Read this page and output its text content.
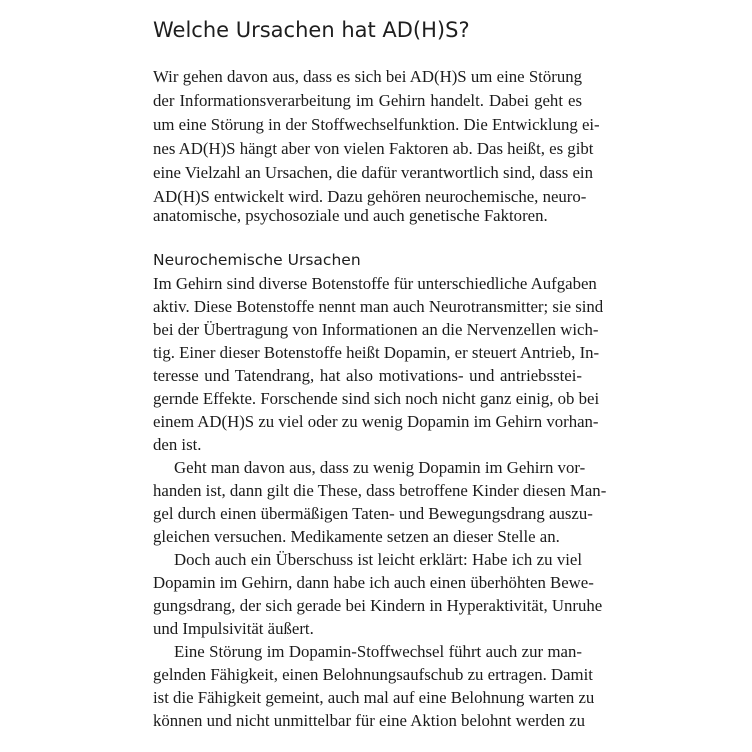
Welche Ursachen hat AD(H)S?
Wir gehen davon aus, dass es sich bei AD(H)S um eine Störung
der Informationsverarbeitung im Gehirn handelt. Dabei geht es
um eine Störung in der Stoffwechselfunktion. Die Entwicklung ei-
nes AD(H)S hängt aber von vielen Faktoren ab. Das heißt, es gibt
eine Vielzahl an Ursachen, die dafür verantwortlich sind, dass ein
AD(H)S entwickelt wird. Dazu gehören neurochemische, neuro-
anatomische, psychosoziale und auch genetische Faktoren.
Neurochemische Ursachen
Im Gehirn sind diverse Botenstoffe für unterschiedliche Aufgaben
aktiv. Diese Botenstoffe nennt man auch Neurotransmitter; sie sind
bei der Übertragung von Informationen an die Nervenzellen wich-
tig. Einer dieser Botenstoffe heißt Dopamin, er steuert Antrieb, In-
teresse und Tatendrang, hat also motivations- und antriebsstei-
gernde Effekte. Forschende sind sich noch nicht ganz einig, ob bei
einem AD(H)S zu viel oder zu wenig Dopamin im Gehirn vorhan-
den ist.
Geht man davon aus, dass zu wenig Dopamin im Gehirn vor-
handen ist, dann gilt die These, dass betroffene Kinder diesen Man-
gel durch einen übermäßigen Taten- und Bewegungsdrang auszu-
gleichen versuchen. Medikamente setzen an dieser Stelle an.
Doch auch ein Überschuss ist leicht erklärt: Habe ich zu viel
Dopamin im Gehirn, dann habe ich auch einen überhöhten Bewe-
gungsdrang, der sich gerade bei Kindern in Hyperaktivität, Unruhe
und Impulsivität äußert.
Eine Störung im Dopamin-Stoffwechsel führt auch zur man-
gelnden Fähigkeit, einen Belohnungsaufschub zu ertragen. Damit
ist die Fähigkeit gemeint, auch mal auf eine Belohnung warten zu
können und nicht unmittelbar für eine Aktion belohnt werden zu
